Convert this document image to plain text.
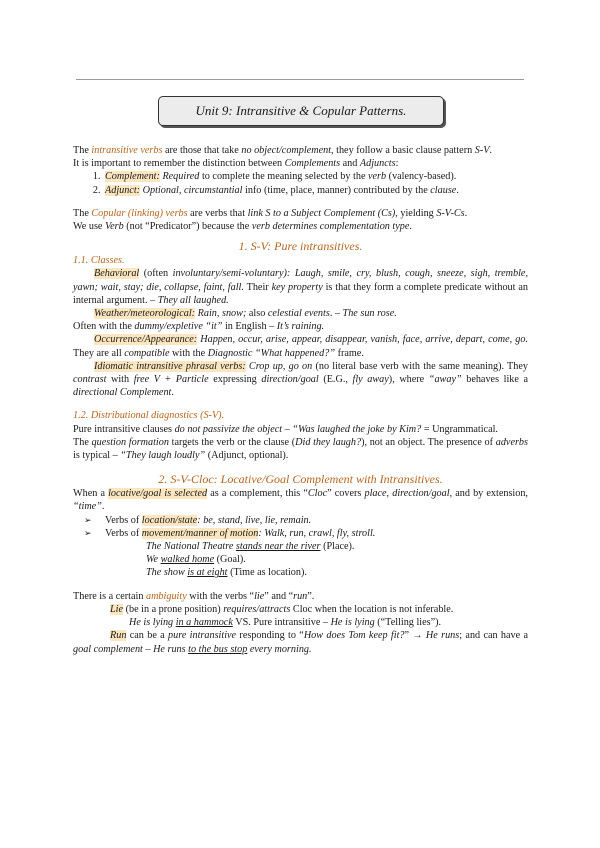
Unit 9: Intransitive & Copular Patterns.

The intransitive verbs are those that take no object/complement, they follow a basic clause pattern S-V.

It is important to remember the distinction between Complements and Adjuncts:

1. Complement: Required to complete the meaning selected by the verb (valency-based).
2. Adjunct: Optional, circumstantial info (time, place, manner) contributed by the clause.

The Copular (linking) verbs are verbs that link S to a Subject Complement (Cs), yielding S-V-Cs.

We use Verb (not “Predicator”) because the verb determines complementation type.

1. S-V: Pure intransitives.

1.1. Classes.

Behavioral (often involuntary/semi-voluntary): Laugh, smile, cry, blush, cough, sneeze, sigh, tremble, yawn; wait, stay; die, collapse, faint, fall. Their key property is that they form a complete predicate without an internal argument. – They all laughed.

Weather/meteorological: Rain, snow; also celestial events. – The sun rose.

Often with the dummy/expletive “it” in English – It’s raining.

Occurrence/Appearance: Happen, occur, arise, appear, disappear, vanish, face, arrive, depart, come, go. They are all compatible with the Diagnostic “What happened?” frame.

Idiomatic intransitive phrasal verbs: Crop up, go on (no literal base verb with the same meaning). They contrast with free V + Particle expressing direction/goal (E.G., fly away), where “away” behaves like a directional Complement.

1.2. Distributional diagnostics (S-V).

Pure intransitive clauses do not passivize the object – “Was laughed the joke by Kim? = Ungrammatical.

The question formation targets the verb or the clause (Did they laugh?), not an object. The presence of adverbs is typical – “They laugh loudly” (Adjunct, optional).

2. S-V-Cloc: Locative/Goal Complement with Intransitives.

When a locative/goal is selected as a complement, this “Cloc” covers place, direction/goal, and by extension, “time”.

➢ Verbs of location/state: be, stand, live, lie, remain.
➢ Verbs of movement/manner of motion: Walk, run, crawl, fly, stroll.

The National Theatre stands near the river (Place).

We walked home (Goal).

The show is at eight (Time as location).

There is a certain ambiguity with the verbs “lie” and “run”.

Lie (be in a prone position) requires/attracts Cloc when the location is not inferable.

He is lying in a hammock VS. Pure intransitive – He is lying (“Telling lies”).

Run can be a pure intransitive responding to “How does Tom keep fit?” → He runs; and can have a goal complement – He runs to the bus stop every morning.
